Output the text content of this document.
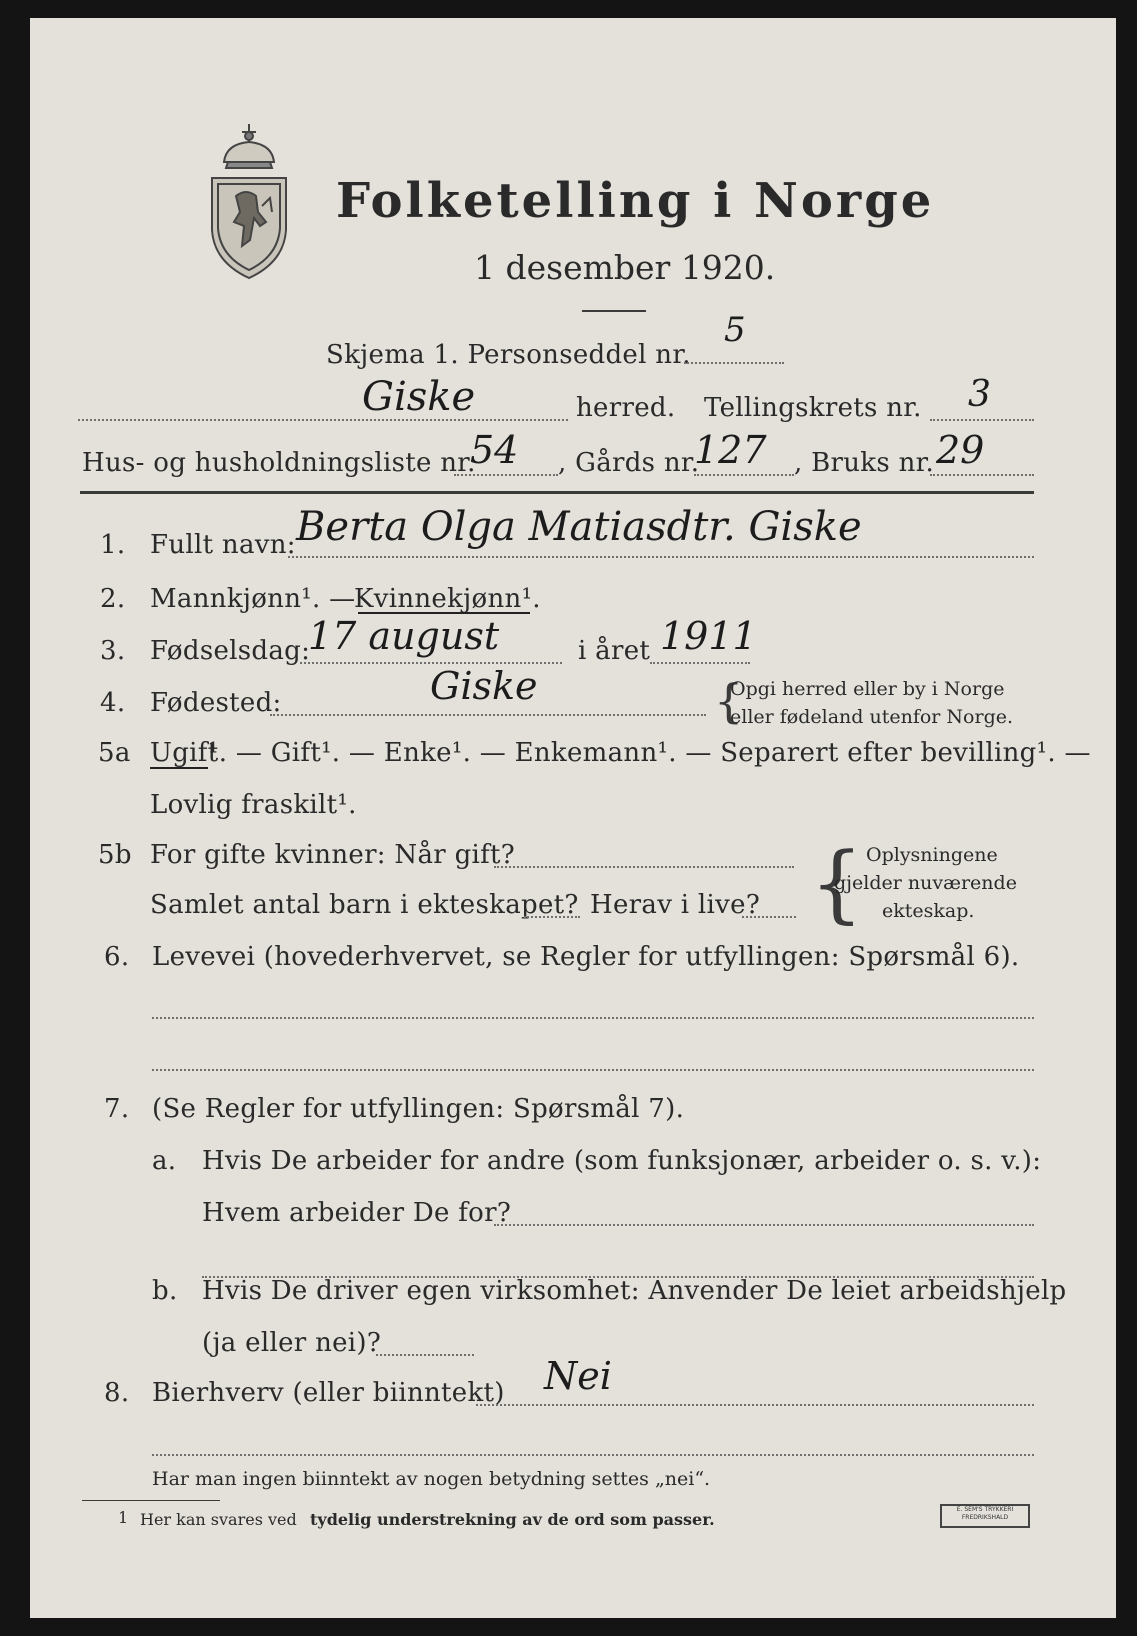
Folketelling i Norge
1 desember 1920.
Skjema 1. Personseddel nr.
5
Giske	herred. Tellingskrets nr. 3
Hus- og husholdningsliste nr.
54 , Gårds nr.
127 , Bruks nr. 29
1. Fullt navn: Berta Olga Matiasdtr. Giske
2. Mannkjønn¹. —
Kvinnekjønn¹.
3. Fødselsdag:
17 august	i året 1911
4. Fødested:	Giske	{
Opgi herred eller by i Norge
eller fødeland utenfor Norge.
5a Ugift
¹. — Gift¹. — Enke¹. — Enkemann¹. — Separert efter bevilling¹. —
Lovlig fraskilt¹.
5b For gifte kvinner: Når gift?
Samlet antal barn i ekteskapet? Herav i live? { Oplysningene
gjelder nuværende
ekteskap.
6. Levevei (hovederhvervet, se Regler for utfyllingen: Spørsmål 6).
7. (Se Regler for utfyllingen: Spørsmål 7).
a. Hvis De arbeider for andre (som funksjonær, arbeider o. s. v.):
Hvem arbeider De for?
b. Hvis De driver egen virksomhet: Anvender De leiet arbeidshjelp
(ja eller nei)?
8. Bierhverv (eller biinntekt) Nei
Har man ingen biinntekt av nogen betydning settes „nei“.
1 Her kan svares ved tydelig understrekning av de ord som passer.
E. SEM'S TRYKKERI
FREDRIKSHALD
